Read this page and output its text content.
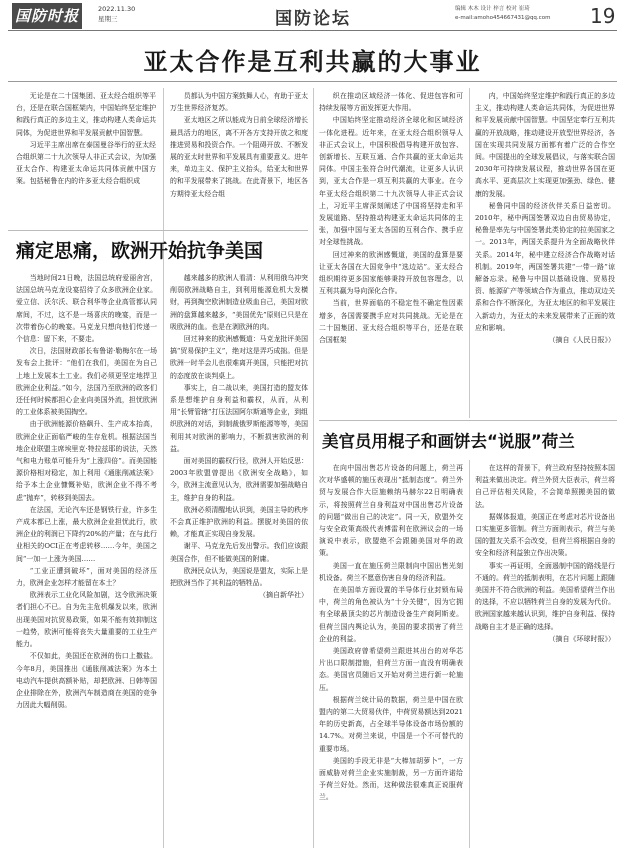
国防时报	2022.11.30
星期三	国防论坛	编辑 木木 设计 梓言 校对 崔琦
e-mail:amoho454667431@qq.com	19
亚太合作是互利共赢的大事业

无论是在二十国集团、亚太经合组织等平台，还是在联合国框架内，中国始终坚定维护和践行真正的多边主义，推动构建人类命运共同体，为促进世界和平发展贡献中国智慧。

习近平主席出席在泰国曼谷举行的亚太经合组织第二十九次领导人非正式会议，为加强亚太合作、构建亚太命运共同体贡献中国方案。包括秘鲁在内的许多亚太经合组织成

员都认为中国方案鼓舞人心，有助于亚太万生世界经济复苏。

亚太地区之所以能成为日前全球经济增长最具活力的地区，离不开各方支持开放之和度推进贸易和投资合作。一个阻碍开放、不断发展的亚太时世界和平发展具有重要意义。进年来，单边主义、保护主义抬头，给亚太和世界的和平发展带来了挑战。在此背景下，地区各方期待亚太经合组

织在推动区域经济一体化、促进包容和可持续发展等方面发挥更大作用。

中国始终坚定推动经济全球化和区域经济一体化进程。近年来，在亚太经合组织领导人非正式会议上，中国积极倡导构建开放包容、创新增长、互联互通、合作共赢的亚太命运共同体。中国主张符合时代潮流，让更多人认识到，亚太合作是一项互利共赢的大事业。在今年亚太经合组织第二十九次领导人非正式会议上，习近平主席深刻阐述了中国将坚持走和平发展道路、坚持推动构建亚太命运共同体的主张，加强中国与亚太各国的互利合作、携手应对全球性挑战。

回过神来的欧洲感慨道，美国的盘算是要让亚太各国在大国竞争中“选边站”。亚太经合组织期待更多国家能够秉持开放包容理念，以互利共赢为导向深化合作。

当前，世界面临的不稳定性不确定性因素增多，各国需要携手应对共同挑战。无论是在二十国集团、亚太经合组织等平台，还是在联合国框架

内，中国始终坚定维护和践行真正的多边主义，推动构建人类命运共同体，为促进世界和平发展贡献中国智慧。中国坚定奉行互利共赢的开放战略，推动建设开放型世界经济，各国在实现共同发展方面都有着广泛的合作空间。中国提出的全球发展倡议，与落实联合国2030年可持续发展议程，推动世界各国在更高水平、更高层次上实现更加强劲、绿色、健康的发展。

秘鲁同中国的经济伙伴关系日益密切。2010年，秘中两国签署双边自由贸易协定，秘鲁是率先与中国签署此类协定的拉美国家之一。2013年，两国关系提升为全面战略伙伴关系。2014年，秘中建立经济合作战略对话机制。2019年，两国签署共建“一带一路”谅解备忘录。秘鲁与中国以基础设施、贸易投资、能源矿产等领域合作为重点，推动双边关系和合作不断深化，为亚太地区的和平发展注入新动力，为亚太的未来发展带来了正面的效应和影响。

（摘自《人民日报》）
痛定思痛，欧洲开始抗争美国

当地时间21日晚，法国总统府爱丽舍宫，法国总统马克龙设宴招待了众多欧洲企业家。爱立信、沃尔沃、联合利华等企业高管都认同席间，不过，这不是一场喜庆的晚宴，而是一次带着伤心的晚宴。马克龙只想向他们传递一个信息：留下来，不要走。

次日，法国财政部长布鲁诺·勒梅尔在一场发布会上批评：“他们在我们，美国在为自己上地上发展本土工业。我们必须更坚定地捍卫欧洲企业利益。”如今，法国乃至欧洲的政客们还任何时候都担心企业向美国外流，担忧欧洲的工业体系被美国掏空。

由于欧洲能源价格飙升、生产成本抬高，欧洲企业正面临严峻的生存危机。根据法国当地企业联盟主席埃里克·特拉兹耶的说法，天然气和电力账单可能升为“上涨四倍”。而美国能源价格相对稳定，加上利用《通胀削减法案》给予本土企业慷慨补贴，欧洲企业不得不考虑“抛弃”，转移到美国去。

在法国，无论汽车还是钢铁行业，许多生产成本都已上涨，最大欧洲企业担忧此行，欧洲企业的利润已下降约20%的产量；在与此行业相关的OCI正在考虑转移……今年，美国之间“一加一上涨为美国……

“工业正遭到破坏”，面对美国的经济压力，欧洲企业怎样才能留在本土？

欧洲表示工业化风险加剧，这令欧洲决策者们担心不已。自为先主危机爆发以来，欧洲出现美国对抗贸易政策，如果不能有效抑制这一趋势，欧洲可能将丧失大量重要的工业生产能力。

不仅如此，美国还在欧洲的伤口上撒盐。今年8月，美国推出《通胀削减法案》为本土电动汽车提供高额补贴，却把欧洲、日韩等国企业排除在外，欧洲汽车制造商在美国的竞争力因此大幅削弱。

越来越多的欧洲人看清：从利用俄乌冲突削弱欧洲战略自主，到利用能源危机大发横财，再到掏空欧洲制造业吸血自己，美国对欧洲的盘算越来越多，“美国优先”原则已只是在吸欧洲的血。也是在剥欧洲的肉。

回过神来的欧洲感慨道：马克龙批评美国搞“贸易保护主义”，绝对这是弄巧成拙。但是欧洲一时半会儿也很难离开美国，只能把对抗的态度放在谈判桌上。

事实上，自二战以来，美国打造的盟友体系是想维护自身利益和霸权，从而，从利用“长臂管辖”打压法国阿尔斯通等企业，到组织欧洲的对话，到制裁俄罗斯能源等等，美国利用其对欧洲的影响力，不断损害欧洲的利益。

面对美国的霸权行径，欧洲人开始反思：2003年欧盟曾提出《欧洲安全战略》，如今，欧洲主流意见认为，欧洲需要加强战略自主，维护自身的利益。

欧洲必须清醒地认识到，美国主导的秩序不会真正维护欧洲的利益。摆脱对美国的依赖，才能真正实现自身发展。

谢平、马克龙先后发出警示。我们应该跟美国合作，但不能做美国的附庸。

欧洲民众认为，美国说是盟友，实际上是把欧洲当作了其利益的牺牲品。

（摘自新华社）
美官员用棍子和画饼去“说服”荷兰

在向中国出售芯片设备的问题上，荷兰再次对华盛顿的施压表现出“抵制态度”。荷兰外贸与发展合作大臣施赖纳马赫尔22日明确表示，将按照荷兰自身利益对中国出售芯片设备的问题“做出自己的决定”。同一天，欧盟外交与安全政策高级代表博雷利在欧洲议会的一场演说中表示，欧盟绝不会跟随美国对华的政策。

美国一直在施压荷兰限制向中国出售光刻机设备。荷兰不愿意伤害自身的经济利益。

在美国单方面设置的半导体行业封锁布局中，荷兰的角色被认为“十分关键”，因为它拥有全球最顶尖的芯片制造设备生产商阿斯麦。但荷兰国内舆论认为，美国的要求损害了荷兰企业的利益。

美国政府曾希望荷兰跟进其出台的对华芯片出口限制措施，但荷兰方面一直没有明确表态。美国官员随后又开始对荷兰进行新一轮施压。

根据荷兰统计局的数据，荷兰是中国在欧盟内的第二大贸易伙伴，中荷贸易额达到2021年的历史新高，占全球半导体设备市场份额的14.7%。对荷兰来说，中国是一个不可替代的重要市场。

美国的手段无非是“大棒加胡萝卜”，一方面威胁对荷兰企业实施制裁，另一方面许诺给予荷兰好处。然而，这种做法很难真正说服荷兰。

在这样的背景下，荷兰政府坚持按照本国利益来做出决定。荷兰外贸大臣表示，荷兰将自己评估相关风险，不会简单照搬美国的做法。

据媒体报道，美国正在考虑对芯片设备出口实施更多管制。荷兰方面则表示，荷兰与美国的盟友关系不会改变，但荷兰将根据自身的安全和经济利益独立作出决策。

事实一再证明，全面遏制中国的路线是行不通的。荷兰的抵制表明，在芯片问题上跟随美国并不符合欧洲的利益。美国希望荷兰作出的选择，不应以牺牲荷兰自身的发展为代价。欧洲国家越来越认识到，维护自身利益、保持战略自主才是正确的选择。

（摘自《环球时报》）
